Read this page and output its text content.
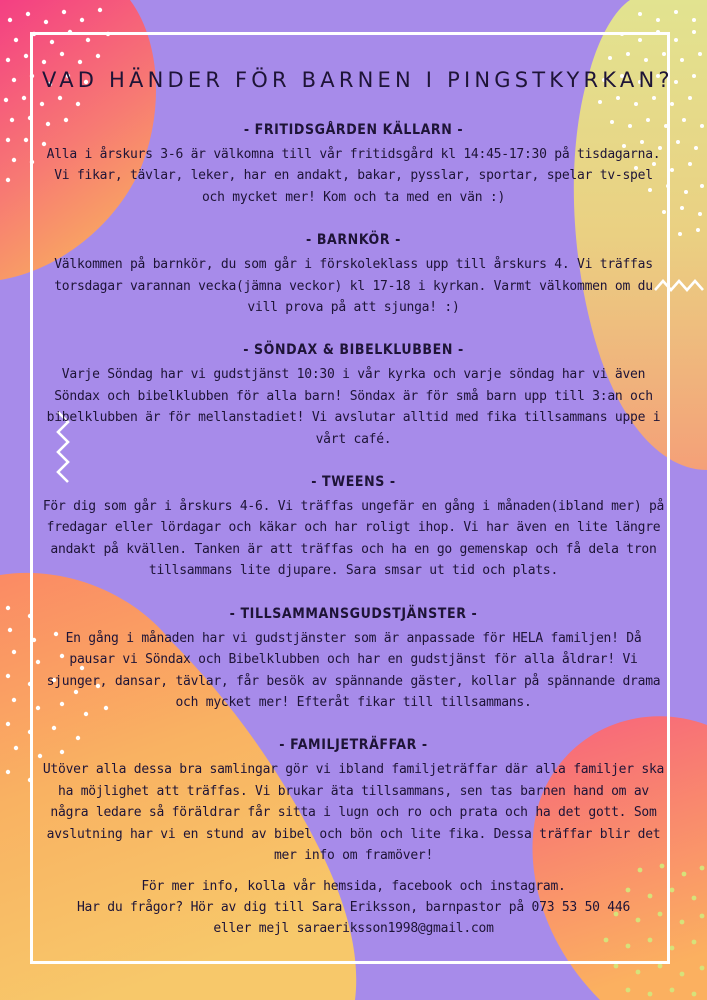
VAD HÄNDER FÖR BARNEN I PINGSTKYRKAN?
- FRITIDSGÅRDEN KÄLLARN -

Alla i årskurs 3-6 är välkomna till vår fritidsgård kl 14:45-17:30 på tisdagarna. Vi fikar, tävlar, leker, har en andakt, bakar, pysslar, sportar, spelar tv-spel och mycket mer! Kom och ta med en vän :)

- BARNKÖR -

Välkommen på barnkör, du som går i förskoleklass upp till årskurs 4. Vi träffas torsdagar varannan vecka(jämna veckor) kl 17-18 i kyrkan. Varmt välkommen om du vill prova på att sjunga! :)

- SÖNDAX & BIBELKLUBBEN -

Varje Söndag har vi gudstjänst 10:30 i vår kyrka och varje söndag har vi även Söndax och bibelklubben för alla barn! Söndax är för små barn upp till 3:an och bibelklubben är för mellanstadiet! Vi avslutar alltid med fika tillsammans uppe i vårt café.

- TWEENS -

För dig som går i årskurs 4-6. Vi träffas ungefär en gång i månaden(ibland mer) på fredagar eller lördagar och käkar och har roligt ihop. Vi har även en lite längre andakt på kvällen. Tanken är att träffas och ha en go gemenskap och få dela tron tillsammans lite djupare. Sara smsar ut tid och plats.

- TILLSAMMANSGUDSTJÄNSTER -

En gång i månaden har vi gudstjänster som är anpassade för HELA familjen! Då pausar vi Söndax och Bibelklubben och har en gudstjänst för alla åldrar! Vi sjunger, dansar, tävlar, får besök av spännande gäster, kollar på spännande drama och mycket mer! Efteråt fikar till tillsammans.

- FAMILJETRÄFFAR -

Utöver alla dessa bra samlingar gör vi ibland familjeträffar där alla familjer ska ha möjlighet att träffas. Vi brukar äta tillsammans, sen tas barnen hand om av några ledare så föräldrar får sitta i lugn och ro och prata och ha det gott. Som avslutning har vi en stund av bibel och bön och lite fika. Dessa träffar blir det mer info om framöver!

För mer info, kolla vår hemsida, facebook och instagram.

Har du frågor? Hör av dig till Sara Eriksson, barnpastor på 073 53 50 446

eller mejl saraeriksson1998@gmail.com
